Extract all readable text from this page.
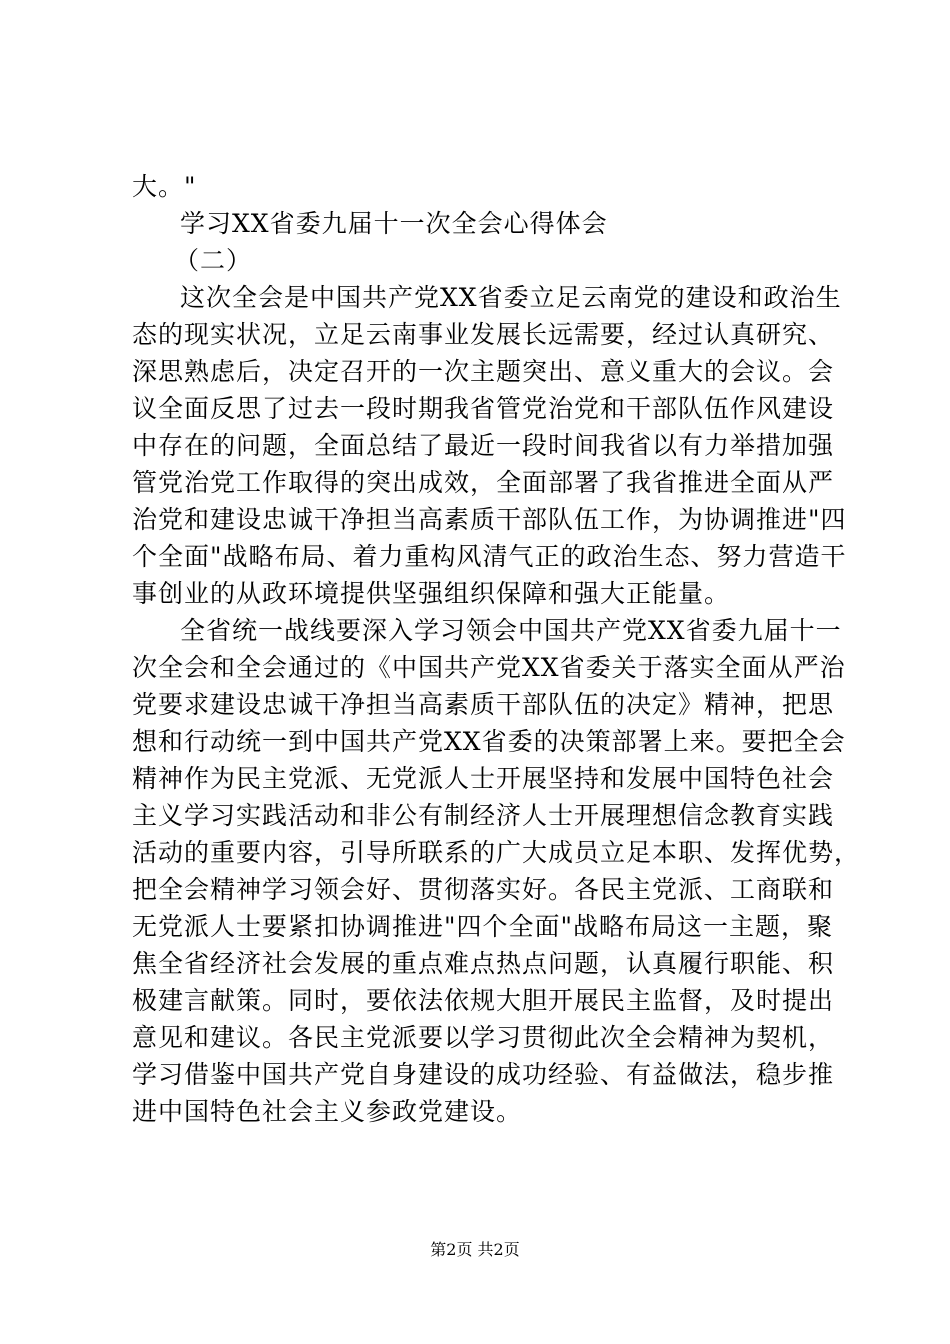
大。"
学习XX省委九届十一次全会心得体会
（二）
这次全会是中国共产党XX省委立足云南党的建设和政治生
态的现实状况，立足云南事业发展长远需要，经过认真研究、
深思熟虑后，决定召开的一次主题突出、意义重大的会议。会
议全面反思了过去一段时期我省管党治党和干部队伍作风建设
中存在的问题，全面总结了最近一段时间我省以有力举措加强
管党治党工作取得的突出成效，全面部署了我省推进全面从严
治党和建设忠诚干净担当高素质干部队伍工作，为协调推进"四
个全面"战略布局、着力重构风清气正的政治生态、努力营造干
事创业的从政环境提供坚强组织保障和强大正能量。
全省统一战线要深入学习领会中国共产党XX省委九届十一
次全会和全会通过的《中国共产党XX省委关于落实全面从严治
党要求建设忠诚干净担当高素质干部队伍的决定》精神，把思
想和行动统一到中国共产党XX省委的决策部署上来。要把全会
精神作为民主党派、无党派人士开展坚持和发展中国特色社会
主义学习实践活动和非公有制经济人士开展理想信念教育实践
活动的重要内容，引导所联系的广大成员立足本职、发挥优势，
把全会精神学习领会好、贯彻落实好。各民主党派、工商联和
无党派人士要紧扣协调推进"四个全面"战略布局这一主题，聚
焦全省经济社会发展的重点难点热点问题，认真履行职能、积
极建言献策。同时，要依法依规大胆开展民主监督，及时提出
意见和建议。各民主党派要以学习贯彻此次全会精神为契机，
学习借鉴中国共产党自身建设的成功经验、有益做法，稳步推
进中国特色社会主义参政党建设。
第2页 共2页
